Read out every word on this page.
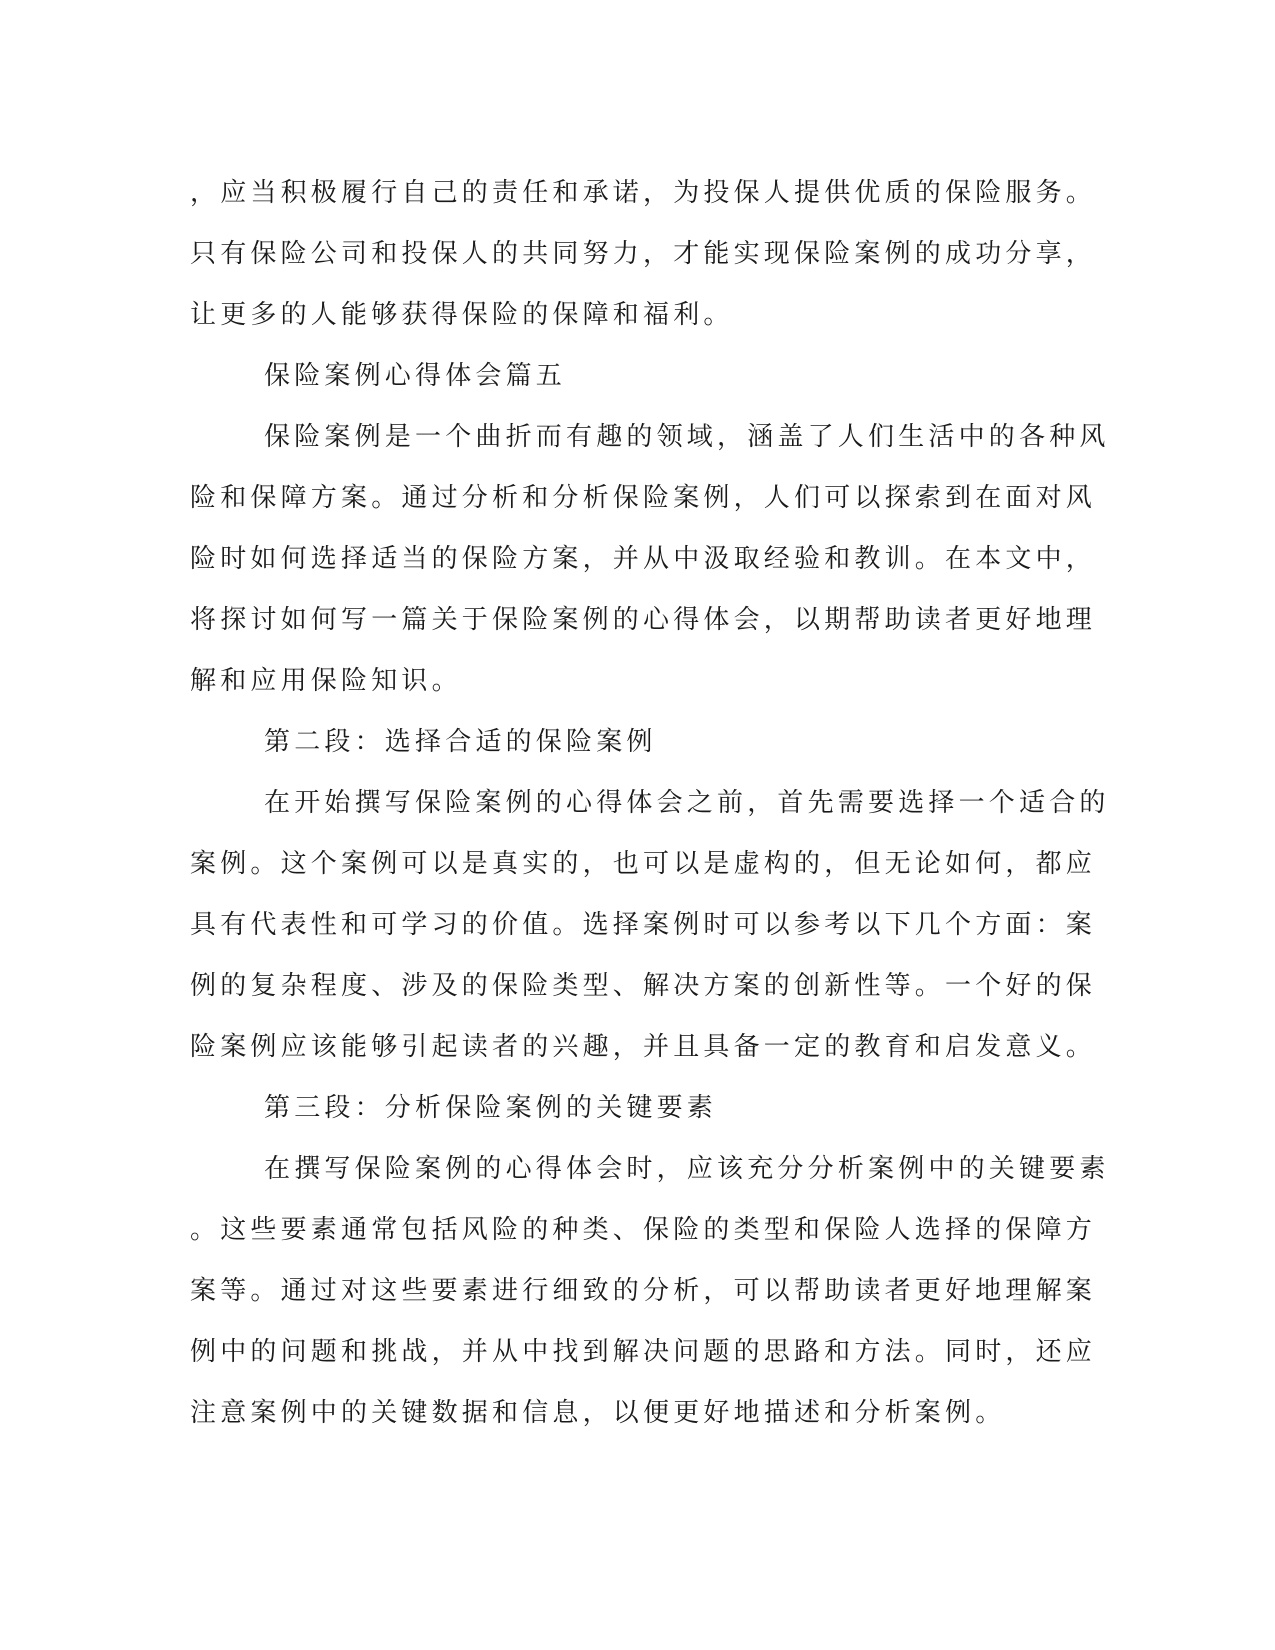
，应当积极履行自己的责任和承诺，为投保人提供优质的保险服务。
只有保险公司和投保人的共同努力，才能实现保险案例的成功分享，
让更多的人能够获得保险的保障和福利。
保险案例心得体会篇五
保险案例是一个曲折而有趣的领域，涵盖了人们生活中的各种风
险和保障方案。通过分析和分析保险案例，人们可以探索到在面对风
险时如何选择适当的保险方案，并从中汲取经验和教训。在本文中，
将探讨如何写一篇关于保险案例的心得体会，以期帮助读者更好地理
解和应用保险知识。
第二段：选择合适的保险案例
在开始撰写保险案例的心得体会之前，首先需要选择一个适合的
案例。这个案例可以是真实的，也可以是虚构的，但无论如何，都应
具有代表性和可学习的价值。选择案例时可以参考以下几个方面：案
例的复杂程度、涉及的保险类型、解决方案的创新性等。一个好的保
险案例应该能够引起读者的兴趣，并且具备一定的教育和启发意义。
第三段：分析保险案例的关键要素
在撰写保险案例的心得体会时，应该充分分析案例中的关键要素
。这些要素通常包括风险的种类、保险的类型和保险人选择的保障方
案等。通过对这些要素进行细致的分析，可以帮助读者更好地理解案
例中的问题和挑战，并从中找到解决问题的思路和方法。同时，还应
注意案例中的关键数据和信息，以便更好地描述和分析案例。
